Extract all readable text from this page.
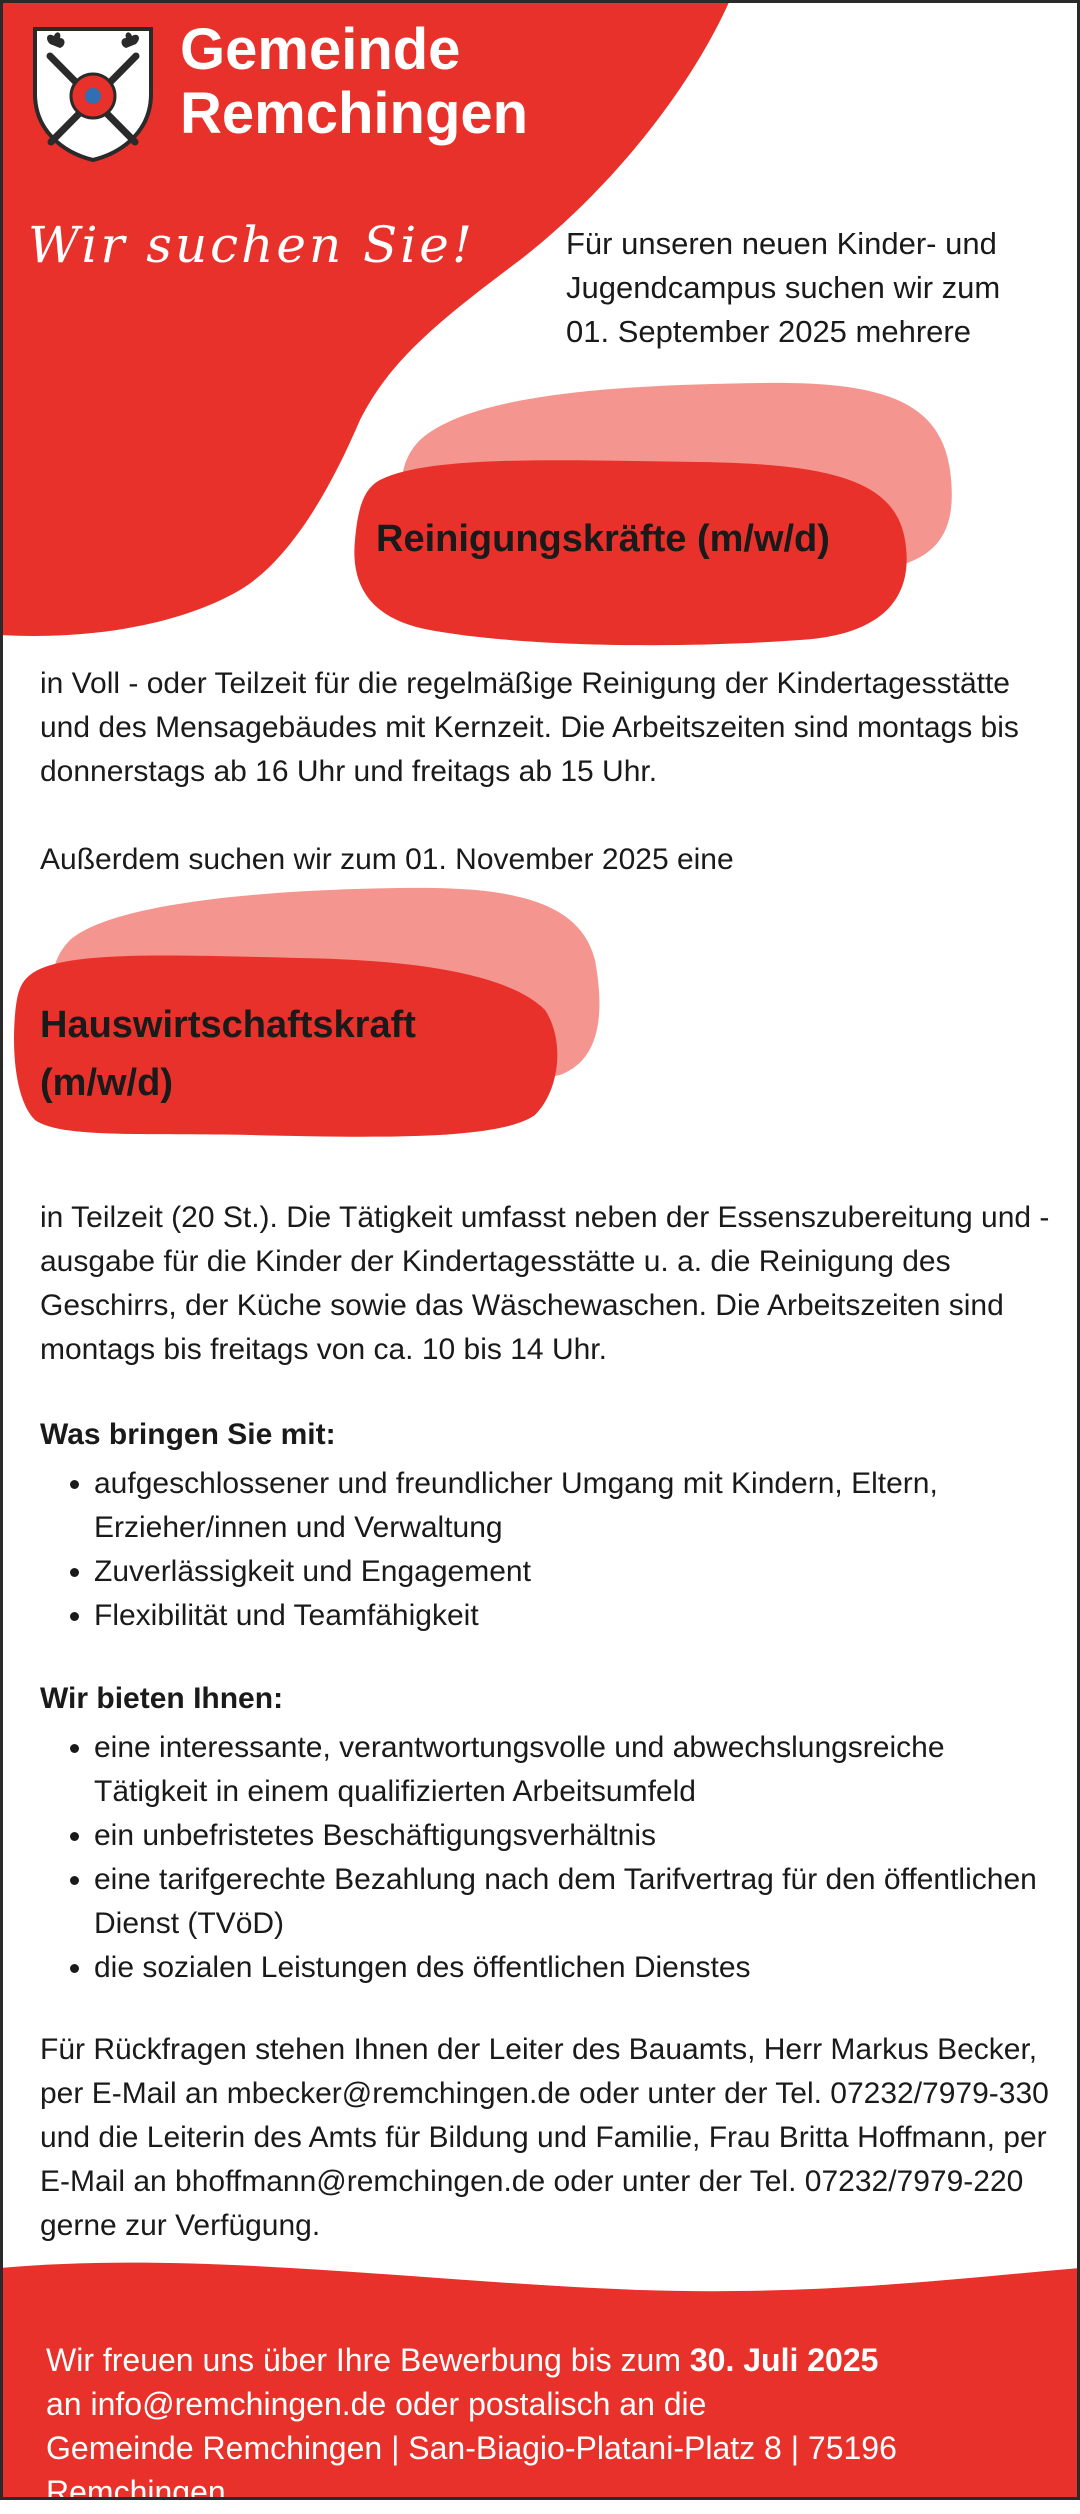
Gemeinde
Remchingen
Wir suchen Sie!	Für unseren neuen Kinder- und Jugendcampus suchen wir zum 01. September 2025 mehrere
Reinigungskräfte (m/w/d)
in Voll - oder Teilzeit für die regelmäßige Reinigung der Kindertagesstätte und des Mensagebäudes mit Kernzeit. Die Arbeitszeiten sind montags bis donnerstags ab 16 Uhr und freitags ab 15 Uhr.
Außerdem suchen wir zum 01. November 2025 eine
Hauswirtschaftskraft
(m/w/d)
in Teilzeit (20 St.). Die Tätigkeit umfasst neben der Essenszubereitung und -ausgabe für die Kinder der Kindertagesstätte u. a. die Reinigung des Geschirrs, der Küche sowie das Wäschewaschen. Die Arbeitszeiten sind montags bis freitags von ca. 10 bis 14 Uhr.
Was bringen Sie mit:
• aufgeschlossener und freundlicher Umgang mit Kindern, Eltern, Erzieher/innen und Verwaltung
• Zuverlässigkeit und Engagement
• Flexibilität und Teamfähigkeit
Wir bieten Ihnen:
• eine interessante, verantwortungsvolle und abwechslungsreiche Tätigkeit in einem qualifizierten Arbeitsumfeld
• ein unbefristetes Beschäftigungsverhältnis
• eine tarifgerechte Bezahlung nach dem Tarifvertrag für den öffentlichen Dienst (TVöD)
• die sozialen Leistungen des öffentlichen Dienstes
Für Rückfragen stehen Ihnen der Leiter des Bauamts, Herr Markus Becker, per E-Mail an mbecker@remchingen.de oder unter der Tel. 07232/7979-330 und die Leiterin des Amts für Bildung und Familie, Frau Britta Hoffmann, per E-Mail an bhoffmann@remchingen.de oder unter der Tel. 07232/7979-220 gerne zur Verfügung.
Wir freuen uns über Ihre Bewerbung bis zum 30. Juli 2025
an info@remchingen.de oder postalisch an die
Gemeinde Remchingen | San-Biagio-Platani-Platz 8 | 75196 Remchingen
